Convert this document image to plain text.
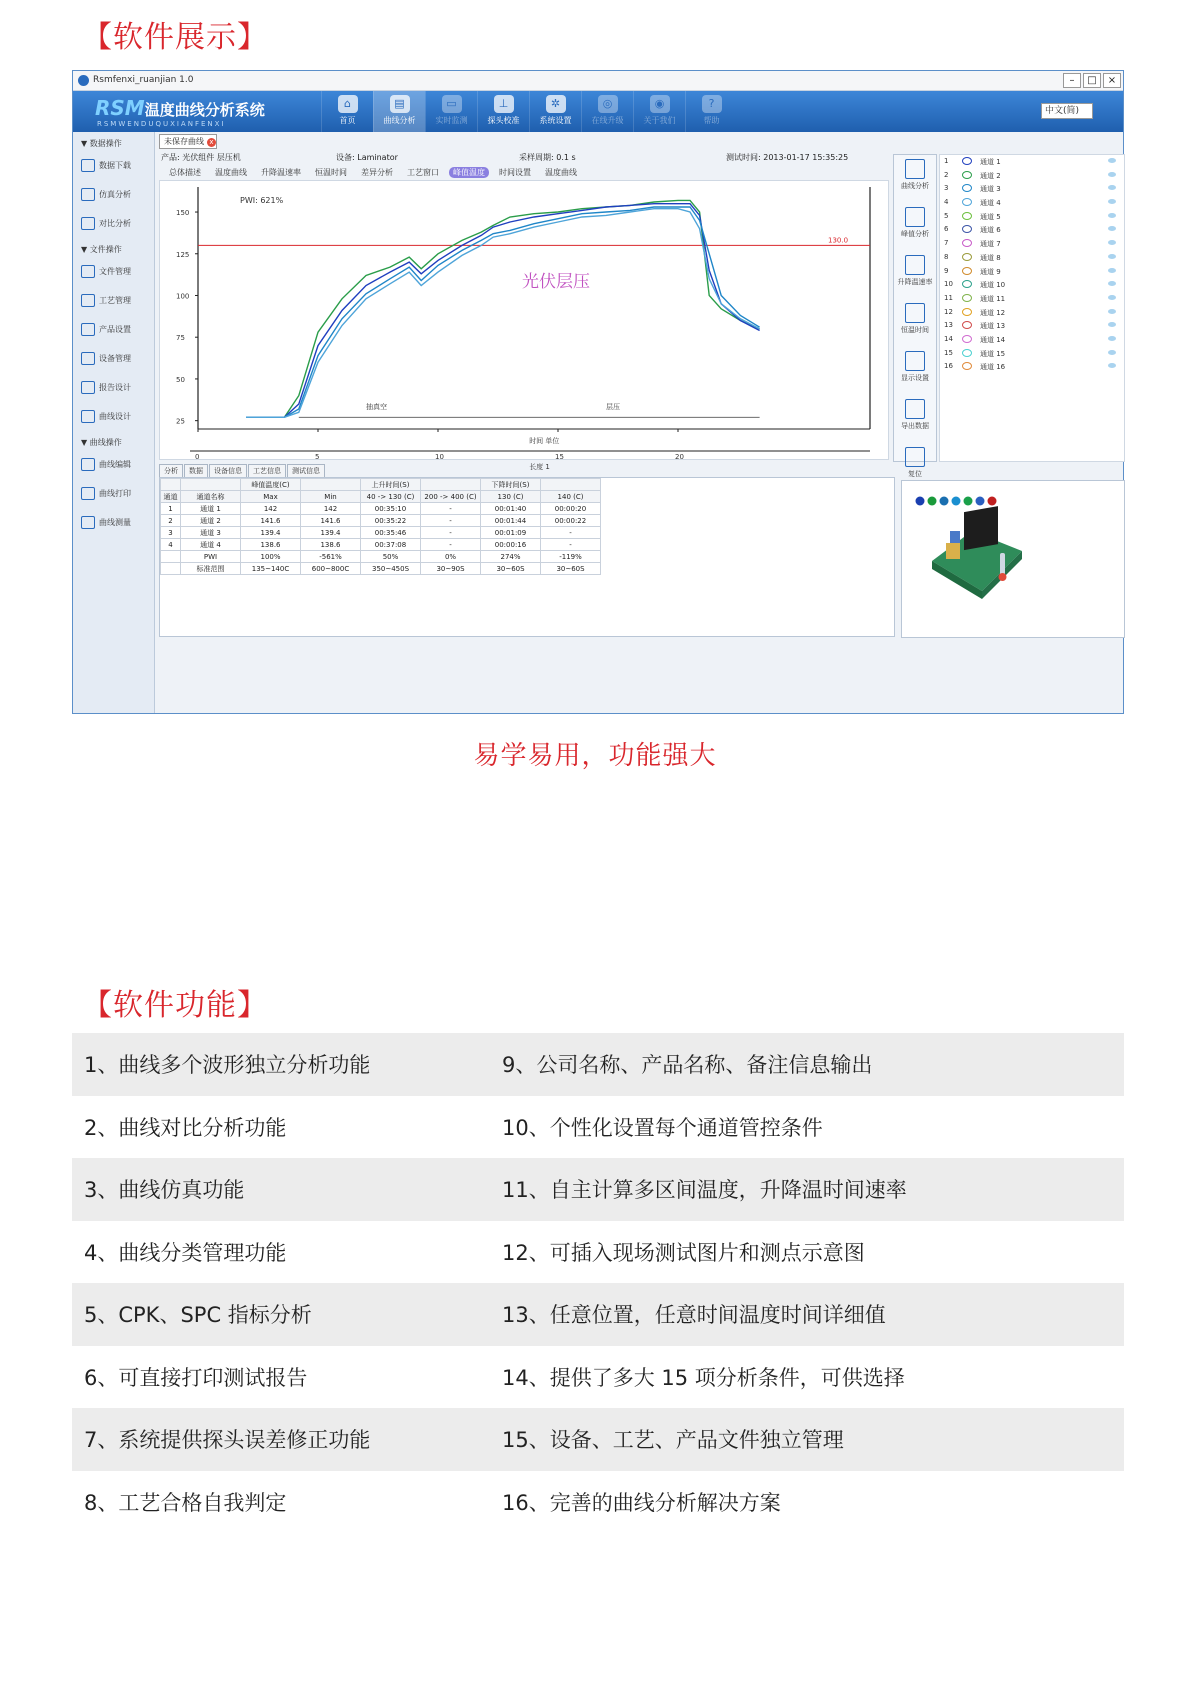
【软件展示】
Rsmfenxi_ruanjian 1.0	–	□	×
RSM温度曲线分析系统
RSMWENDUQUXIANFENXI
⌂
首页
▤
曲线分析
▭
实时监测
⊥
探头校准
✲
系统设置
◎
在线升级
◉
关于我们
?
帮助
中文(简)
▼ 数据操作
数据下载
仿真分析
对比分析
▼ 文件操作
文件管理
工艺管理
产品设置
设备管理
报告设计
曲线设计
▼ 曲线操作
曲线编辑
曲线打印
曲线测量
未保存曲线 x
产品: 光伏组件 层压机	设备: Laminator	采样周期: 0.1 s	测试时间: 2013-01-17 15:35:25
总体描述	温度曲线	升降温速率	恒温时间	差异分析	工艺窗口	峰值温度	时间设置	温度曲线
150
125
100
75
50
25
0	5	10	15	20
130.0
光伏层压
PWI: 621%
时间 单位
长度 1
抽真空	层压
曲线分析
峰值分析
升降温速率
恒温时间
显示设置
导出数据
复位
1	通道 1
2	通道 2
3	通道 3
4	通道 4
5	通道 5
6	通道 6
7	通道 7
8	通道 8
9	通道 9
10	通道 10
11	通道 11
12	通道 12
13	通道 13
14	通道 14
15	通道 15
16	通道 16
分析	数据	设备信息	工艺信息	测试信息
		峰值温度(C)		上升时间(S)		下降时间(S)	
通道	通道名称	Max	Min	40 -> 130 (C)	200 -> 400 (C)	130 (C)	140 (C)
1	通道 1	142	142	00:35:10	-	00:01:40	00:00:20
2	通道 2	141.6	141.6	00:35:22	-	00:01:44	00:00:22
3	通道 3	139.4	139.4	00:35:46	-	00:01:09	-
4	通道 4	138.6	138.6	00:37:08	-	00:00:16	-
	PWI	100%	-561%	50%	0%	274%	-119%
	标准范围	135~140C	600~800C	350~450S	30~90S	30~60S	30~60S
易学易用，功能强大
【软件功能】
1、曲线多个波形独立分析功能	9、公司名称、产品名称、备注信息输出
2、曲线对比分析功能	10、个性化设置每个通道管控条件
3、曲线仿真功能	11、自主计算多区间温度，升降温时间速率
4、曲线分类管理功能	12、可插入现场测试图片和测点示意图
5、CPK、SPC 指标分析	13、任意位置，任意时间温度时间详细值
6、可直接打印测试报告	14、提供了多大 15 项分析条件，可供选择
7、系统提供探头误差修正功能	15、设备、工艺、产品文件独立管理
8、工艺合格自我判定	16、完善的曲线分析解决方案
